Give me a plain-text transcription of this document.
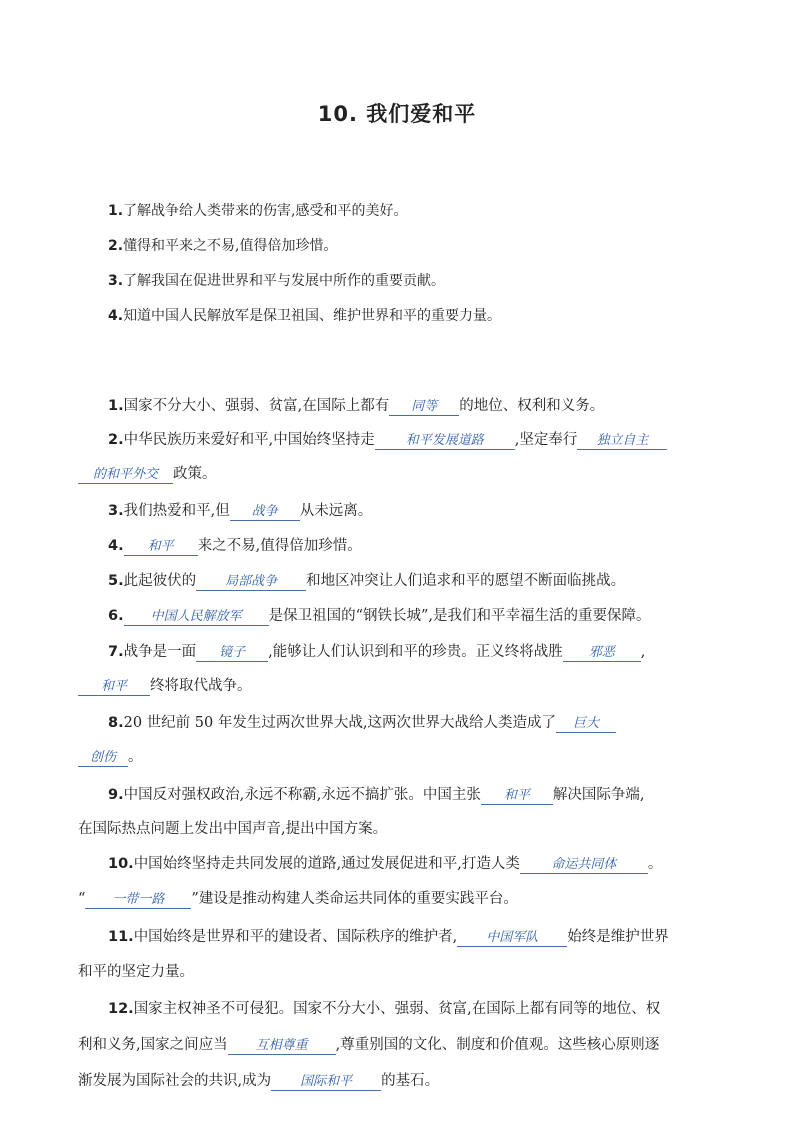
10. 我们爱和平
1.了解战争给人类带来的伤害,感受和平的美好。
2.懂得和平来之不易,值得倍加珍惜。
3.了解我国在促进世界和平与发展中所作的重要贡献。
4.知道中国人民解放军是保卫祖国、维护世界和平的重要力量。
1.国家不分大小、强弱、贫富,在国际上都有 同等 的地位、权利和义务。
2.中华民族历来爱好和平,中国始终坚持走 和平发展道路 ,坚定奉行 独立自主
的和平外交 政策。
3.我们热爱和平,但 战争 从未远离。
4. 和平 来之不易,值得倍加珍惜。
5.此起彼伏的 局部战争 和地区冲突让人们追求和平的愿望不断面临挑战。
6. 中国人民解放军 是保卫祖国的“钢铁长城”,是我们和平幸福生活的重要保障。
7.战争是一面 镜子 ,能够让人们认识到和平的珍贵。正义终将战胜 邪恶 ,
和平 终将取代战争。
8.20 世纪前 50 年发生过两次世界大战,这两次世界大战给人类造成了 巨大
创伤 。
9.中国反对强权政治,永远不称霸,永远不搞扩张。中国主张 和平 解决国际争端,
在国际热点问题上发出中国声音,提出中国方案。
10.中国始终坚持走共同发展的道路,通过发展促进和平,打造人类 命运共同体 。
“ 一带一路 ”建设是推动构建人类命运共同体的重要实践平台。
11.中国始终是世界和平的建设者、国际秩序的维护者, 中国军队 始终是维护世界
和平的坚定力量。
12.国家主权神圣不可侵犯。国家不分大小、强弱、贫富,在国际上都有同等的地位、权
利和义务,国家之间应当 互相尊重 ,尊重别国的文化、制度和价值观。这些核心原则逐
渐发展为国际社会的共识,成为 国际和平 的基石。
